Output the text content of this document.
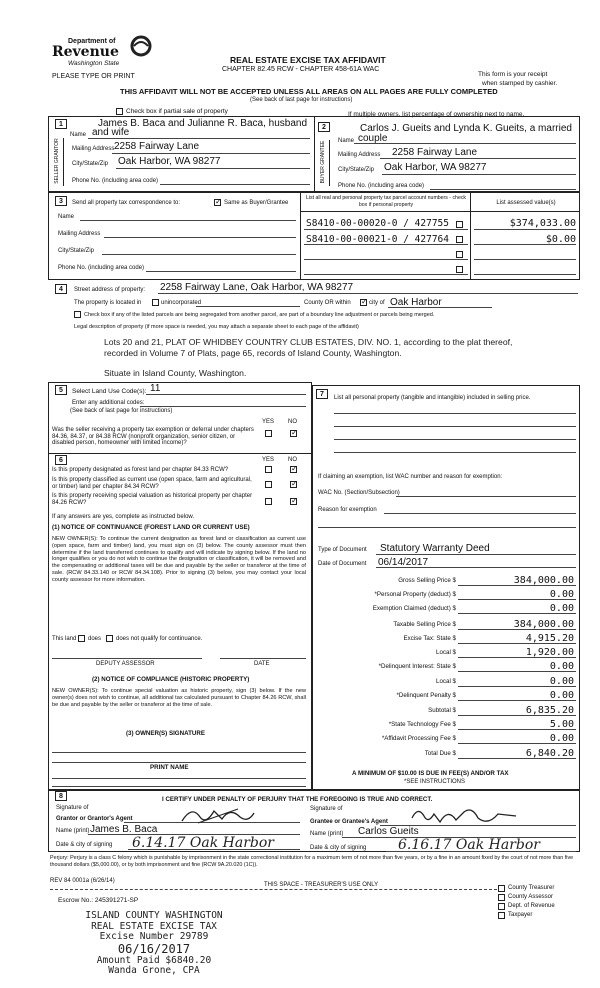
Department of
Revenue
Washington State
PLEASE TYPE OR PRINT
REAL ESTATE EXCISE TAX AFFIDAVIT
CHAPTER 82.45 RCW - CHAPTER 458-61A WAC
This form is your receipt
when stamped by cashier.
THIS AFFIDAVIT WILL NOT BE ACCEPTED UNLESS ALL AREAS ON ALL PAGES ARE FULLY COMPLETED
(See back of last page for instructions)
Check box if partial sale of property	If multiple owners, list percentage of ownership next to name.
1	2
SELLER GRANTOR	BUYER GRANTEE
James B. Baca and Julianne R. Baca, husband
Name and wife
Mailing Address 2258 Fairway Lane
City/State/Zip Oak Harbor, WA 98277
Phone No. (including area code)
Carlos J. Gueits and Lynda K. Gueits, a married
Name couple
Mailing Address 2258 Fairway Lane
City/State/Zip Oak Harbor, WA 98277
Phone No. (including area code)
3	Send all property tax correspondence to: ✓	Same as Buyer/Grantee
Name
Mailing Address
City/State/Zip
Phone No. (including area code)
List all real and personal property tax parcel account numbers - check box if personal property	List assessed value(s)
S8410-00-00020-0 / 427755	$374,033.00
S8410-00-00021-0 / 427764	$0.00
4	Street address of property: 2258 Fairway Lane, Oak Harbor, WA 98277
The property is located in	unincorporated	County OR within ✓	city of Oak Harbor
Check box if any of the listed parcels are being segregated from another parcel, are part of a boundary line adjustment or parcels being merged.
Legal description of property (if more space is needed, you may attach a separate sheet to each page of the affidavit)
Lots 20 and 21, PLAT OF WHIDBEY COUNTRY CLUB ESTATES, DIV. NO. 1, according to the plat thereof,
recorded in Volume 7 of Plats, page 65, records of Island County, Washington.
Situate in Island County, Washington.
5	Select Land Use Code(s): 11
Enter any additional codes:
(See back of last page for instructions)
YES NO
Was the seller receiving a property tax exemption or deferral under chapters 84.36, 84.37, or 84.38 RCW (nonprofit organization, senior citizen, or disabled person, homeowner with limited income)?
✓
6	YES NO
Is this property designated as forest land per chapter 84.33 RCW?
✓
Is this property classified as current use (open space, farm and agricultural, or timber) land per chapter 84.34 RCW?
✓
Is this property receiving special valuation as historical property per chapter 84.26 RCW?
✓
If any answers are yes, complete as instructed below.
(1) NOTICE OF CONTINUANCE (FOREST LAND OR CURRENT USE)
NEW OWNER(S): To continue the current designation as forest land or classification as current use (open space, farm and timber) land, you must sign on (3) below. The county assessor must then determine if the land transferred continues to qualify and will indicate by signing below. If the land no longer qualifies or you do not wish to continue the designation or classification, it will be removed and the compensating or additional taxes will be due and payable by the seller or transferor at the time of sale. (RCW 84.33.140 or RCW 84.34.108). Prior to signing (3) below, you may contact your local county assessor for more information.
This land does does not qualify for continuance.
DEPUTY ASSESSOR	DATE
(2) NOTICE OF COMPLIANCE (HISTORIC PROPERTY)
NEW OWNER(S): To continue special valuation as historic property, sign (3) below. If the new owner(s) does not wish to continue, all additional tax calculated pursuant to Chapter 84.26 RCW, shall be due and payable by the seller or transferor at the time of sale.
(3) OWNER(S) SIGNATURE
PRINT NAME
7	List all personal property (tangible and intangible) included in selling price.
If claiming an exemption, list WAC number and reason for exemption:
WAC No. (Section/Subsection)
Reason for exemption
Type of Document Statutory Warranty Deed
Date of Document 06/14/2017
Gross Selling Price $	384,000.00
*Personal Property (deduct) $	0.00
Exemption Claimed (deduct) $	0.00
Taxable Selling Price $	384,000.00
Excise Tax: State $	4,915.20
Local $	1,920.00
*Delinquent Interest: State $	0.00
Local $	0.00
*Delinquent Penalty $	0.00
Subtotal $	6,835.20
*State Technology Fee $	5.00
*Affidavit Processing Fee $	0.00
Total Due $	6,840.20
A MINIMUM OF $10.00 IS DUE IN FEE(S) AND/OR TAX
*SEE INSTRUCTIONS
8	I CERTIFY UNDER PENALTY OF PERJURY THAT THE FOREGOING IS TRUE AND CORRECT.
Signature of
Grantor or Grantor's Agent
Name (print) James B. Baca
Date & city of signing 6.14.17 Oak Harbor
Signature of
Grantee or Grantee's Agent
Name (print) Carlos Gueits
Date & city of signing 6.16.17 Oak Harbor
Perjury: Perjury is a class C felony which is punishable by imprisonment in the state correctional institution for a maximum term of not more than five years, or by a fine in an amount fixed by the court of not more than five thousand dollars ($5,000.00), or by both imprisonment and fine (RCW 9A.20.020 (1C)).
REV 84 0001a (6/26/14)
THIS SPACE - TREASURER'S USE ONLY
Escrow No.: 245391271-SP
County Treasurer
County Assessor
Dept. of Revenue
Taxpayer
ISLAND COUNTY WASHINGTON
REAL ESTATE EXCISE TAX
Excise Number 29789
06/16/2017
Amount Paid $6840.20
Wanda Grone, CPA
